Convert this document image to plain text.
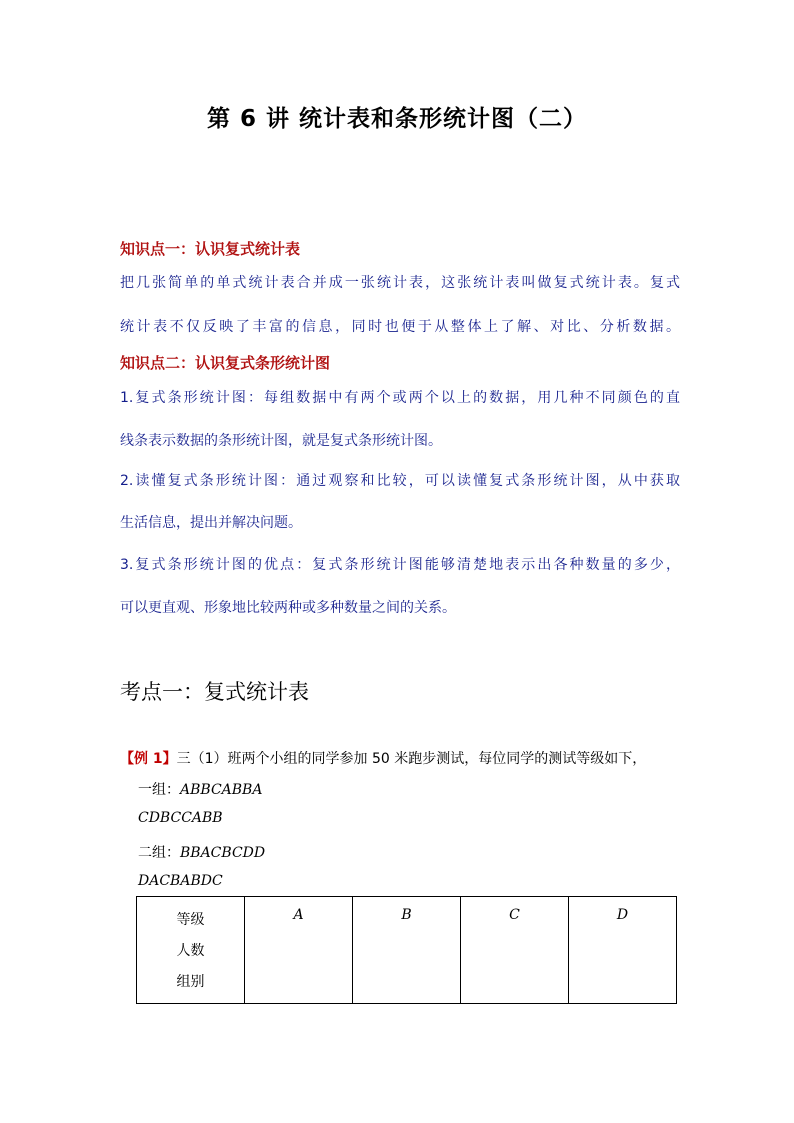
第 6 讲 统计表和条形统计图（二）
知识点一：认识复式统计表
把几张简单的单式统计表合并成一张统计表，这张统计表叫做复式统计表。复式
统计表不仅反映了丰富的信息，同时也便于从整体上了解、对比、分析数据。
知识点二：认识复式条形统计图
1.复式条形统计图：每组数据中有两个或两个以上的数据，用几种不同颜色的直
线条表示数据的条形统计图，就是复式条形统计图。
2.读懂复式条形统计图：通过观察和比较，可以读懂复式条形统计图，从中获取
生活信息，提出并解决问题。
3.复式条形统计图的优点：复式条形统计图能够清楚地表示出各种数量的多少，
可以更直观、形象地比较两种或多种数量之间的关系。
考点一：复式统计表
【例 1】三（1）班两个小组的同学参加 50 米跑步测试，每位同学的测试等级如下，
一组：ABBCABBA
CDBCCABB
二组：BBACBCDD
DACBABDC
等级
人数
组别
	A	B	C	D
